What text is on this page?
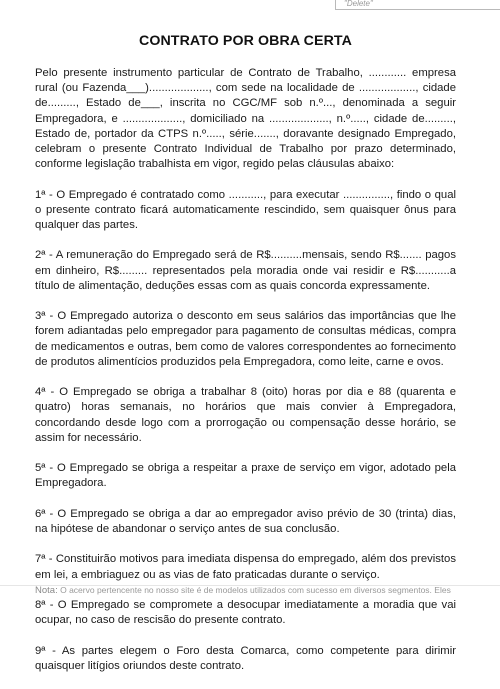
"Delete"
CONTRATO POR OBRA CERTA

Pelo presente instrumento particular de Contrato de Trabalho, ............ empresa rural (ou Fazenda___)..................., com sede na localidade de .................., cidade de........., Estado de___, inscrita no CGC/MF sob n.º..., denominada a seguir Empregadora, e ..................., domiciliado na ..................., n.º....., cidade de........., Estado de, portador da CTPS n.º....., série......., doravante designado Empregado, celebram o presente Contrato Individual de Trabalho por prazo determinado, conforme legislação trabalhista em vigor, regido pelas cláusulas abaixo:

1ª - O Empregado é contratado como ..........., para executar ..............., findo o qual o presente contrato ficará automaticamente rescindido, sem quaisquer ônus para qualquer das partes.

2ª - A remuneração do Empregado será de R$..........mensais, sendo R$....... pagos em dinheiro, R$......... representados pela moradia onde vai residir e R$...........a título de alimentação, deduções essas com as quais concorda expressamente.

3ª - O Empregado autoriza o desconto em seus salários das importâncias que lhe forem adiantadas pelo empregador para pagamento de consultas médicas, compra de medicamentos e outras, bem como de valores correspondentes ao fornecimento de produtos alimentícios produzidos pela Empregadora, como leite, carne e ovos.

4ª - O Empregado se obriga a trabalhar 8 (oito) horas por dia e 88 (quarenta e quatro) horas semanais, no horários que mais convier à Empregadora, concordando desde logo com a prorrogação ou compensação desse horário, se assim for necessário.

5ª - O Empregado se obriga a respeitar a praxe de serviço em vigor, adotado pela Empregadora.

6ª - O Empregado se obriga a dar ao empregador aviso prévio de 30 (trinta) dias, na hipótese de abandonar o serviço antes de sua conclusão.

7ª - Constituirão motivos para imediata dispensa do empregado, além dos previstos em lei, a embriaguez ou as vias de fato praticadas durante o serviço.

8ª - O Empregado se compromete a desocupar imediatamente a moradia que vai ocupar, no caso de rescisão do presente contrato.

9ª - As partes elegem o Foro desta Comarca, como competente para dirimir quaisquer litígios oriundos deste contrato.

Nota: O acervo pertencente no nosso site é de modelos utilizados com sucesso em diversos segmentos. Eles
